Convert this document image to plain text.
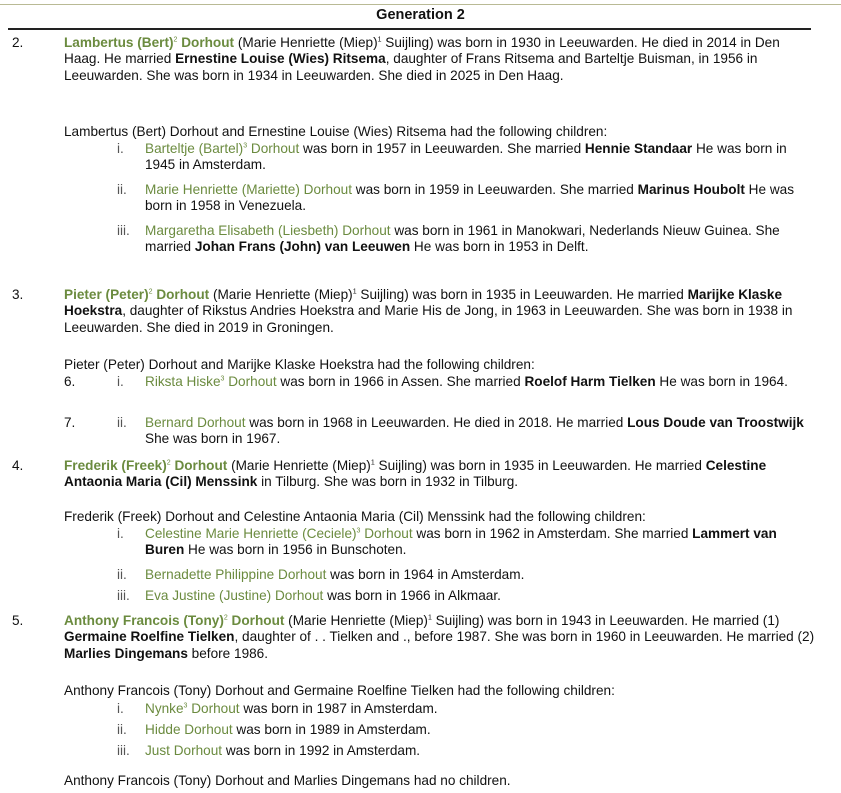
Generation 2
2.	Lambertus (Bert)$^2$ Dorhout (Marie Henriette (Miep)$^1$ Suijling) was born in 1930 in Leeuwarden. He died in 2014 in Den Haag. He married Ernestine Louise (Wies) Ritsema, daughter of Frans Ritsema and Barteltje Buisman, in 1956 in Leeuwarden. She was born in 1934 in Leeuwarden. She died in 2025 in Den Haag.
Lambertus (Bert) Dorhout and Ernestine Louise (Wies) Ritsema had the following children:
i.	Barteltje (Bartel)$^3$ Dorhout was born in 1957 in Leeuwarden. She married Hennie Standaar He was born in 1945 in Amsterdam.
ii.	Marie Henriette (Mariette) Dorhout was born in 1959 in Leeuwarden. She married Marinus Houbolt He was born in 1958 in Venezuela.
iii.	Margaretha Elisabeth (Liesbeth) Dorhout was born in 1961 in Manokwari, Nederlands Nieuw Guinea. She married Johan Frans (John) van Leeuwen He was born in 1953 in Delft.
3.	Pieter (Peter)$^2$ Dorhout (Marie Henriette (Miep)$^1$ Suijling) was born in 1935 in Leeuwarden. He married Marijke Klaske Hoekstra, daughter of Rikstus Andries Hoekstra and Marie His de Jong, in 1963 in Leeuwarden. She was born in 1938 in Leeuwarden. She died in 2019 in Groningen.
Pieter (Peter) Dorhout and Marijke Klaske Hoekstra had the following children:
6.	i.	Riksta Hiske$^3$ Dorhout was born in 1966 in Assen. She married Roelof Harm Tielken He was born in 1964.
7.	ii.	Bernard Dorhout was born in 1968 in Leeuwarden. He died in 2018. He married Lous Doude van Troostwijk She was born in 1967.
4.	Frederik (Freek)$^2$ Dorhout (Marie Henriette (Miep)$^1$ Suijling) was born in 1935 in Leeuwarden. He married Celestine Antaonia Maria (Cil) Menssink in Tilburg. She was born in 1932 in Tilburg.
Frederik (Freek) Dorhout and Celestine Antaonia Maria (Cil) Menssink had the following children:
i.	Celestine Marie Henriette (Ceciele)$^3$ Dorhout was born in 1962 in Amsterdam. She married Lammert van Buren He was born in 1956 in Bunschoten.
ii.	Bernadette Philippine Dorhout was born in 1964 in Amsterdam.
iii.	Eva Justine (Justine) Dorhout was born in 1966 in Alkmaar.
5.	Anthony Francois (Tony)$^2$ Dorhout (Marie Henriette (Miep)$^1$ Suijling) was born in 1943 in Leeuwarden. He married (1) Germaine Roelfine Tielken, daughter of . . Tielken and ., before 1987. She was born in 1960 in Leeuwarden. He married (2) Marlies Dingemans before 1986.
Anthony Francois (Tony) Dorhout and Germaine Roelfine Tielken had the following children:
i.	Nynke$^3$ Dorhout was born in 1987 in Amsterdam.
ii.	Hidde Dorhout was born in 1989 in Amsterdam.
iii.	Just Dorhout was born in 1992 in Amsterdam.
Anthony Francois (Tony) Dorhout and Marlies Dingemans had no children.
